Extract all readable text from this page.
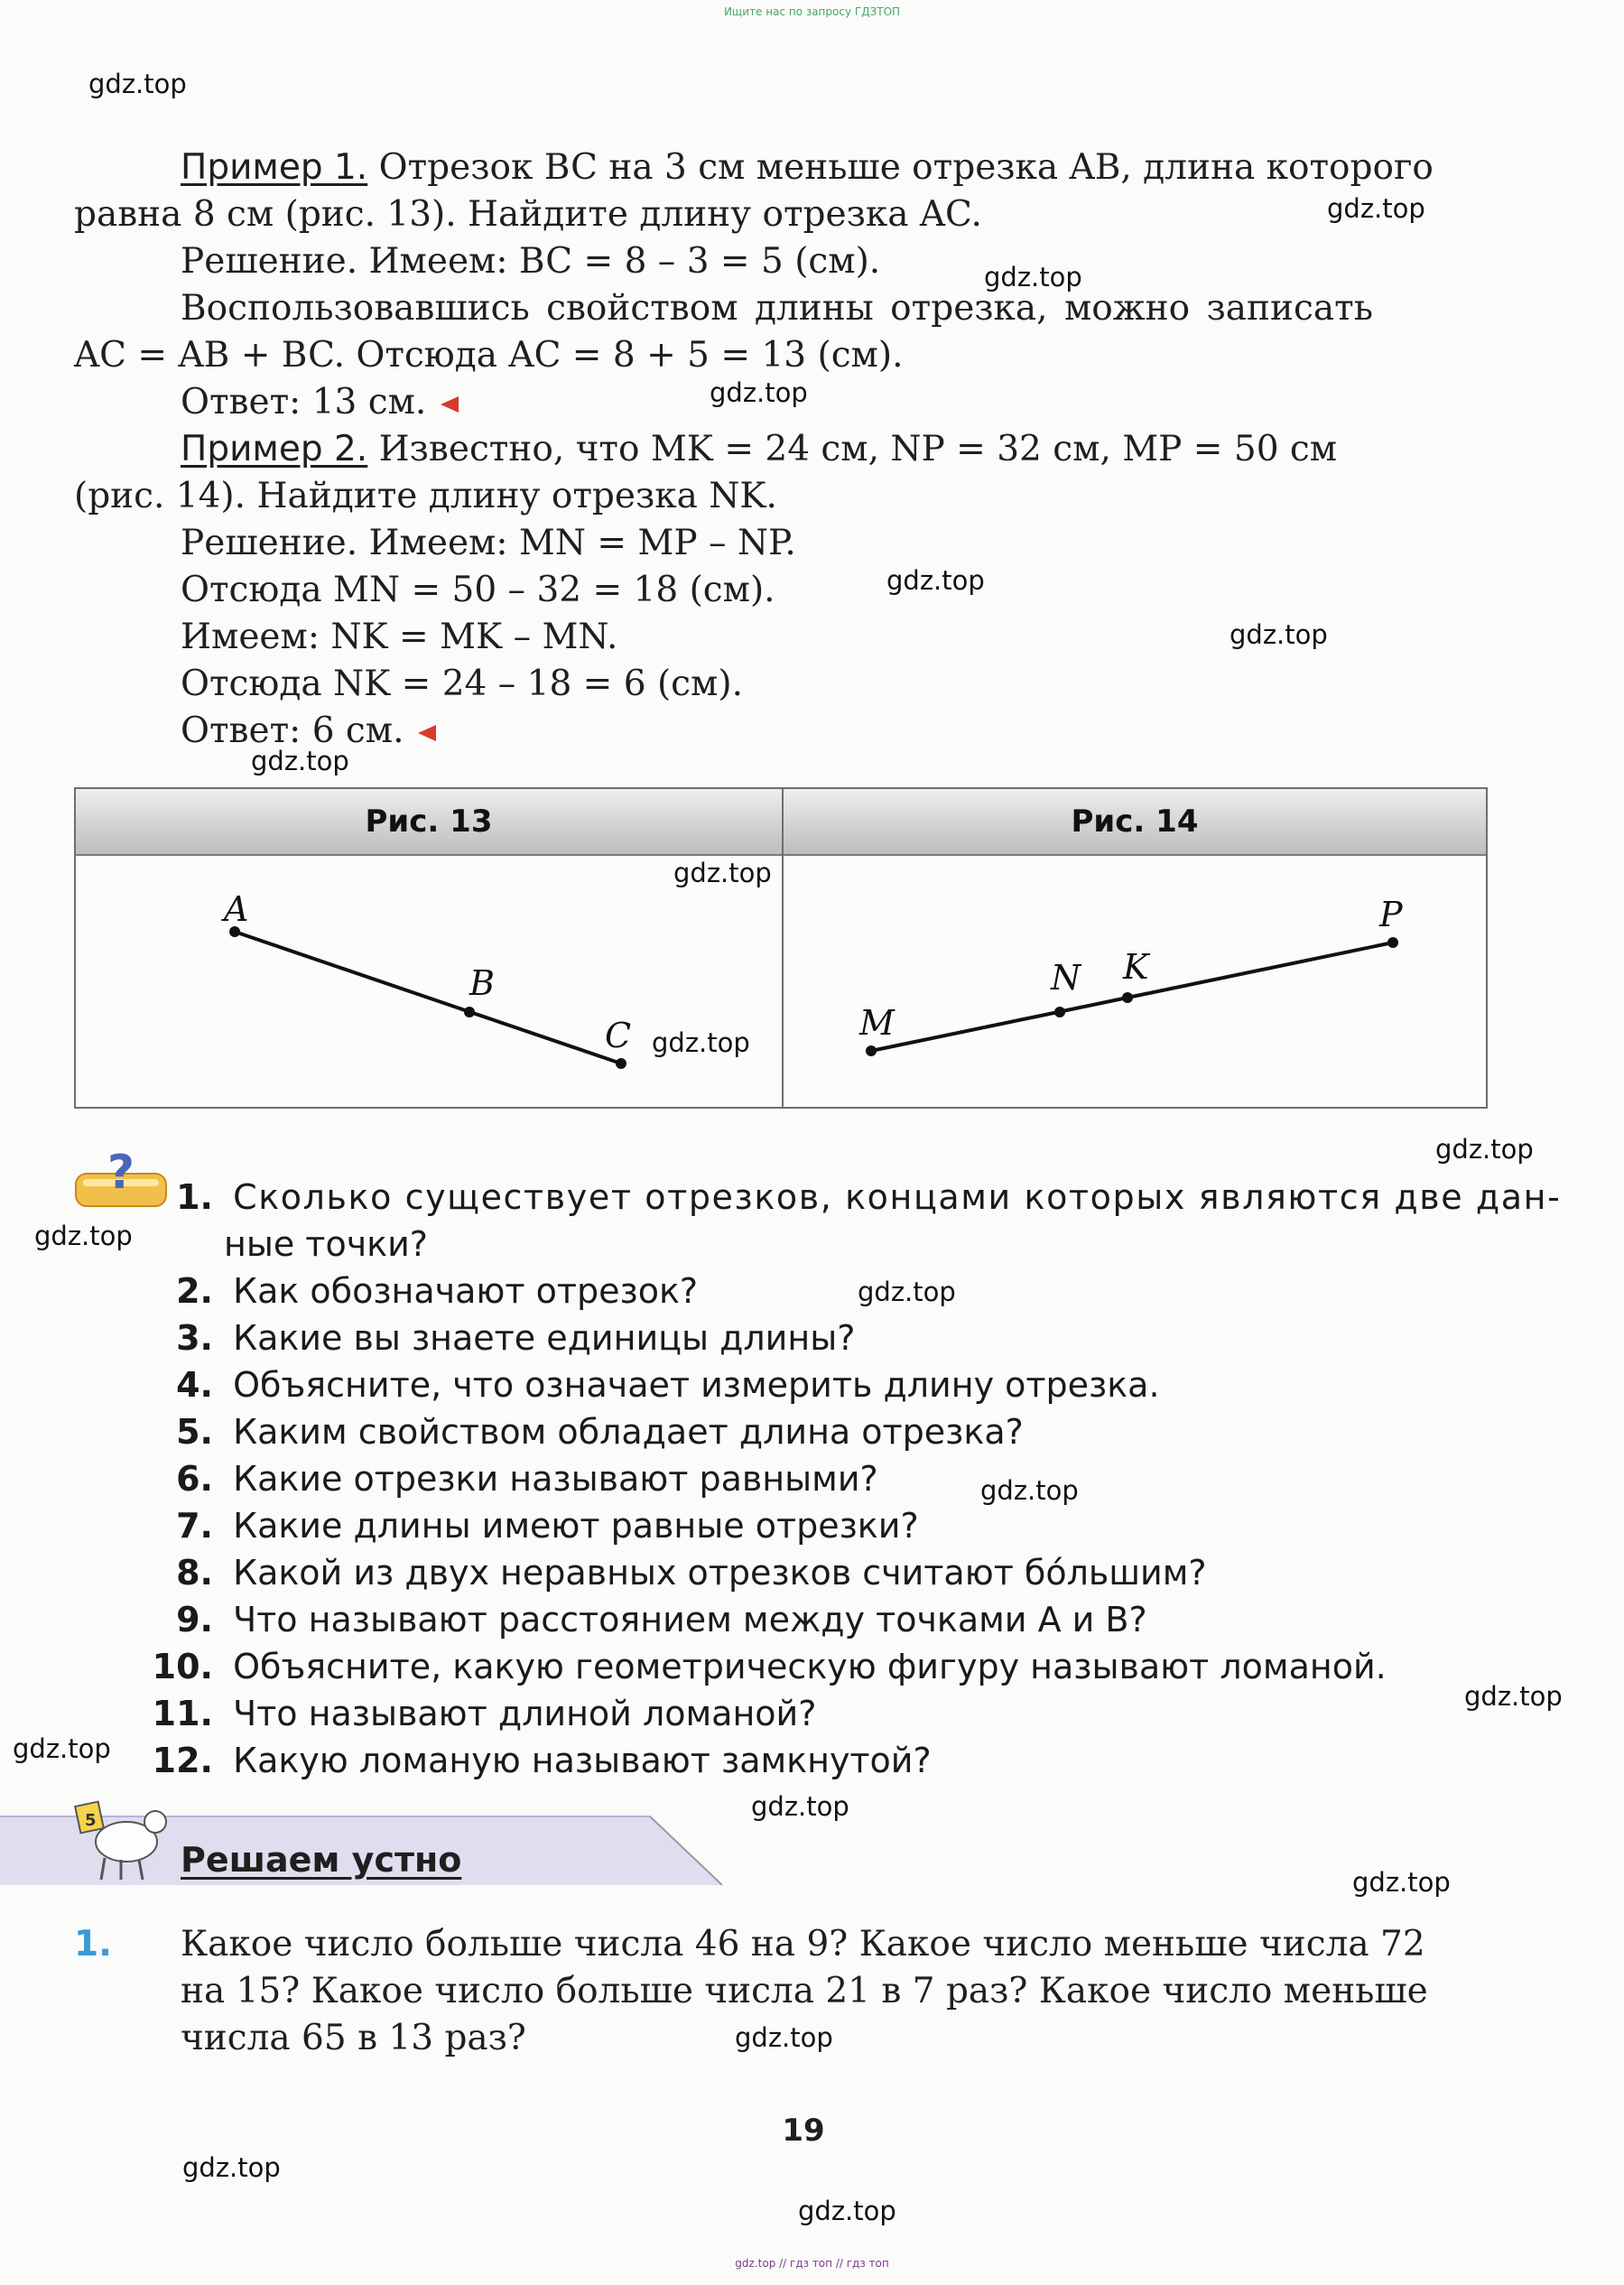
Ищите нас по запросу ГДЗТОП
gdz.top // гдз топ // гдз топ
Пример 1. Отрезок BC на 3 см меньше отрезка AB, длина которого
равна 8 см (рис. 13). Найдите длину отрезка AC.
Решение. Имеем: BC = 8 – 3 = 5 (см).
Воспользовавшись свойством длины отрезка, можно записать
AC = AB + BC. Отсюда AC = 8 + 5 = 13 (см).
Ответ: 13 см.
Пример 2. Известно, что MK = 24 см, NP = 32 см, MP = 50 см
(рис. 14). Найдите длину отрезка NK.
Решение. Имеем: MN = MP – NP.
Отсюда MN = 50 – 32 = 18 (см).
Имеем: NK = MK – MN.
Отсюда NK = 24 – 18 = 6 (см).
Ответ: 6 см.
Рис. 13	Рис. 14
A
B
C	M
N K
P
?	1. Сколько существует отрезков, концами которых являются две дан-
ные точки?
2. Как обозначают отрезок?
3. Какие вы знаете единицы длины?
4. Объясните, что означает измерить длину отрезка.
5. Каким свойством обладает длина отрезка?
6. Какие отрезки называют равными?
7. Какие длины имеют равные отрезки?
8. Какой из двух неравных отрезков считают бо́льшим?
9. Что называют расстоянием между точками A и B?
10. Объясните, какую геометрическую фигуру называют ломаной.
11. Что называют длиной ломаной?
12. Какую ломаную называют замкнутой?
5
Решаем устно
1. Какое число больше числа 46 на 9? Какое число меньше числа 72
на 15? Какое число больше числа 21 в 7 раз? Какое число меньше
числа 65 в 13 раз?
19
gdz.top
gdz.top
gdz.top
gdz.top
gdz.top
gdz.top
gdz.top
gdz.top
gdz.top
gdz.top
gdz.top
gdz.top
gdz.top
gdz.top
gdz.top
gdz.top
gdz.top
gdz.top
gdz.top
gdz.top
